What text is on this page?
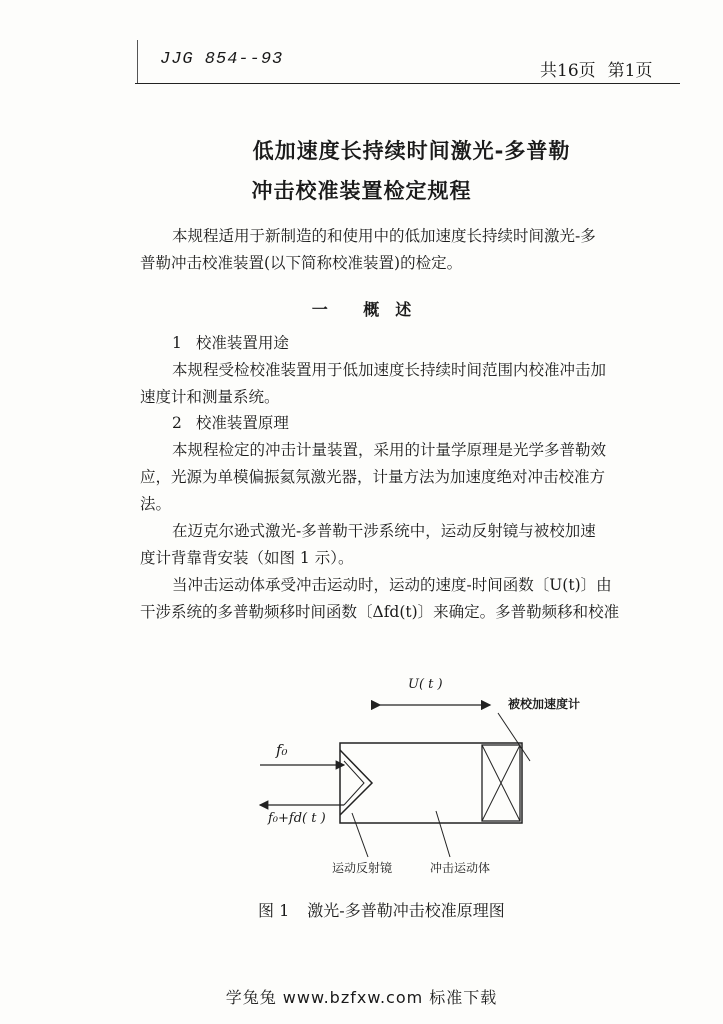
JJG 854--93
共16页 第1页
低加速度长持续时间激光-多普勒
冲击校准装置检定规程
本规程适用于新制造的和使用中的低加速度长持续时间激光-多
普勒冲击校准装置(以下简称校准装置)的检定。
一 概　述
1 校准装置用途
本规程受检校准装置用于低加速度长持续时间范围内校准冲击加
速度计和测量系统。
2 校准装置原理
本规程检定的冲击计量装置，采用的计量学原理是光学多普勒效
应，光源为单模偏振氦氖激光器，计量方法为加速度绝对冲击校准方
法。
在迈克尔逊式激光-多普勒干涉系统中，运动反射镜与被校加速
度计背靠背安装（如图 1 示）。
当冲击运动体承受冲击运动时，运动的速度-时间函数〔U(t)〕由
干涉系统的多普勒频移时间函数〔Δfd(t)〕来确定。多普勒频移和校准
U( t )
被校加速度计
f₀
f₀+fd( t )
运动反射镜	冲击运动体
图 1 激光-多普勒冲击校准原理图
学兔兔 www.bzfxw.com 标准下载
